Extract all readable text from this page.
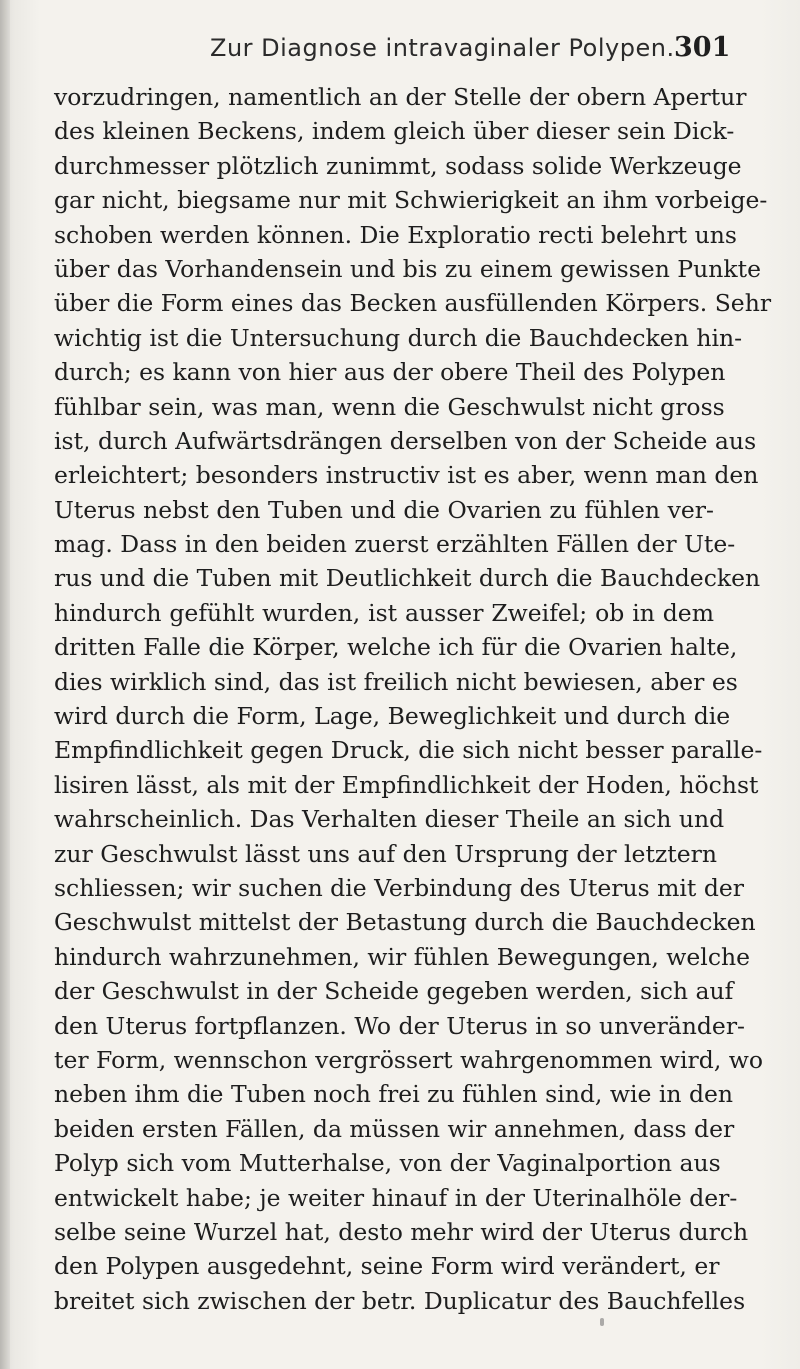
Zur Diagnose intravaginaler Polypen. 301
vorzudringen, namentlich an der Stelle der obern Apertur
des kleinen Beckens, indem gleich über dieser sein Dick-
durchmesser plötzlich zunimmt, sodass solide Werkzeuge
gar nicht, biegsame nur mit Schwierigkeit an ihm vorbeige-
schoben werden können. Die Exploratio recti belehrt uns
über das Vorhandensein und bis zu einem gewissen Punkte
über die Form eines das Becken ausfüllenden Körpers. Sehr
wichtig ist die Untersuchung durch die Bauchdecken hin-
durch; es kann von hier aus der obere Theil des Polypen
fühlbar sein, was man, wenn die Geschwulst nicht gross
ist, durch Aufwärtsdrängen derselben von der Scheide aus
erleichtert; besonders instructiv ist es aber, wenn man den
Uterus nebst den Tuben und die Ovarien zu fühlen ver-
mag. Dass in den beiden zuerst erzählten Fällen der Ute-
rus und die Tuben mit Deutlichkeit durch die Bauchdecken
hindurch gefühlt wurden, ist ausser Zweifel; ob in dem
dritten Falle die Körper, welche ich für die Ovarien halte,
dies wirklich sind, das ist freilich nicht bewiesen, aber es
wird durch die Form, Lage, Beweglichkeit und durch die
Empfindlichkeit gegen Druck, die sich nicht besser paralle-
lisiren lässt, als mit der Empfindlichkeit der Hoden, höchst
wahrscheinlich. Das Verhalten dieser Theile an sich und
zur Geschwulst lässt uns auf den Ursprung der letztern
schliessen; wir suchen die Verbindung des Uterus mit der
Geschwulst mittelst der Betastung durch die Bauchdecken
hindurch wahrzunehmen, wir fühlen Bewegungen, welche
der Geschwulst in der Scheide gegeben werden, sich auf
den Uterus fortpflanzen. Wo der Uterus in so unveränder-
ter Form, wennschon vergrössert wahrgenommen wird, wo
neben ihm die Tuben noch frei zu fühlen sind, wie in den
beiden ersten Fällen, da müssen wir annehmen, dass der
Polyp sich vom Mutterhalse, von der Vaginalportion aus
entwickelt habe; je weiter hinauf in der Uterinalhöle der-
selbe seine Wurzel hat, desto mehr wird der Uterus durch
den Polypen ausgedehnt, seine Form wird verändert, er
breitet sich zwischen der betr. Duplicatur des Bauchfelles
